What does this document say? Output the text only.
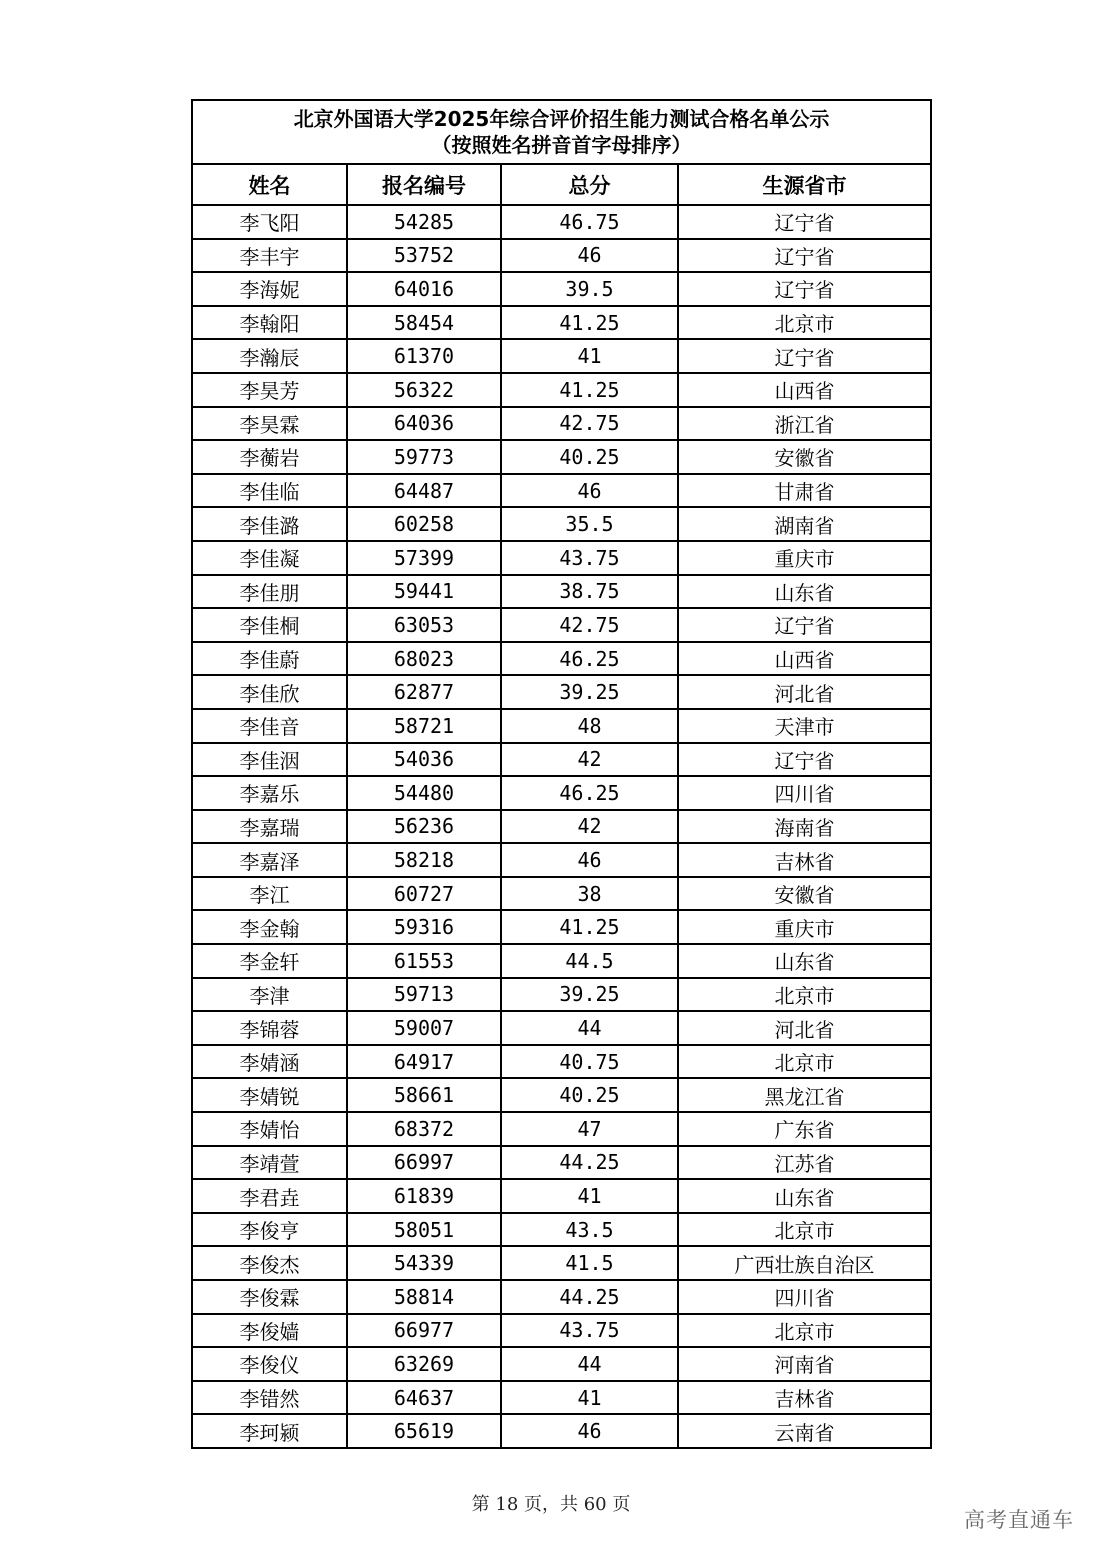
北京外国语大学2025年综合评价招生能力测试合格名单公示
（按照姓名拼音首字母排序）			

姓名	报名编号	总分	生源省市
李飞阳	54285	46.75	辽宁省
李丰宇	53752	46	辽宁省
李海妮	64016	39.5	辽宁省
李翰阳	58454	41.25	北京市
李瀚辰	61370	41	辽宁省
李昊芳	56322	41.25	山西省
李昊霖	64036	42.75	浙江省
李蘅岩	59773	40.25	安徽省
李佳临	64487	46	甘肃省
李佳潞	60258	35.5	湖南省
李佳凝	57399	43.75	重庆市
李佳朋	59441	38.75	山东省
李佳桐	63053	42.75	辽宁省
李佳蔚	68023	46.25	山西省
李佳欣	62877	39.25	河北省
李佳音	58721	48	天津市
李佳洇	54036	42	辽宁省
李嘉乐	54480	46.25	四川省
李嘉瑞	56236	42	海南省
李嘉泽	58218	46	吉林省
李江	60727	38	安徽省
李金翰	59316	41.25	重庆市
李金轩	61553	44.5	山东省
李津	59713	39.25	北京市
李锦蓉	59007	44	河北省
李婧涵	64917	40.75	北京市
李婧锐	58661	40.25	黑龙江省
李婧怡	68372	47	广东省
李靖萱	66997	44.25	江苏省
李君垚	61839	41	山东省
李俊亨	58051	43.5	北京市
李俊杰	54339	41.5	广西壮族自治区
李俊霖	58814	44.25	四川省
李俊嫱	66977	43.75	北京市
李俊仪	63269	44	河南省
李错然	64637	41	吉林省
李珂颍	65619	46	云南省
第 18 页，共 60 页
高考直通车
